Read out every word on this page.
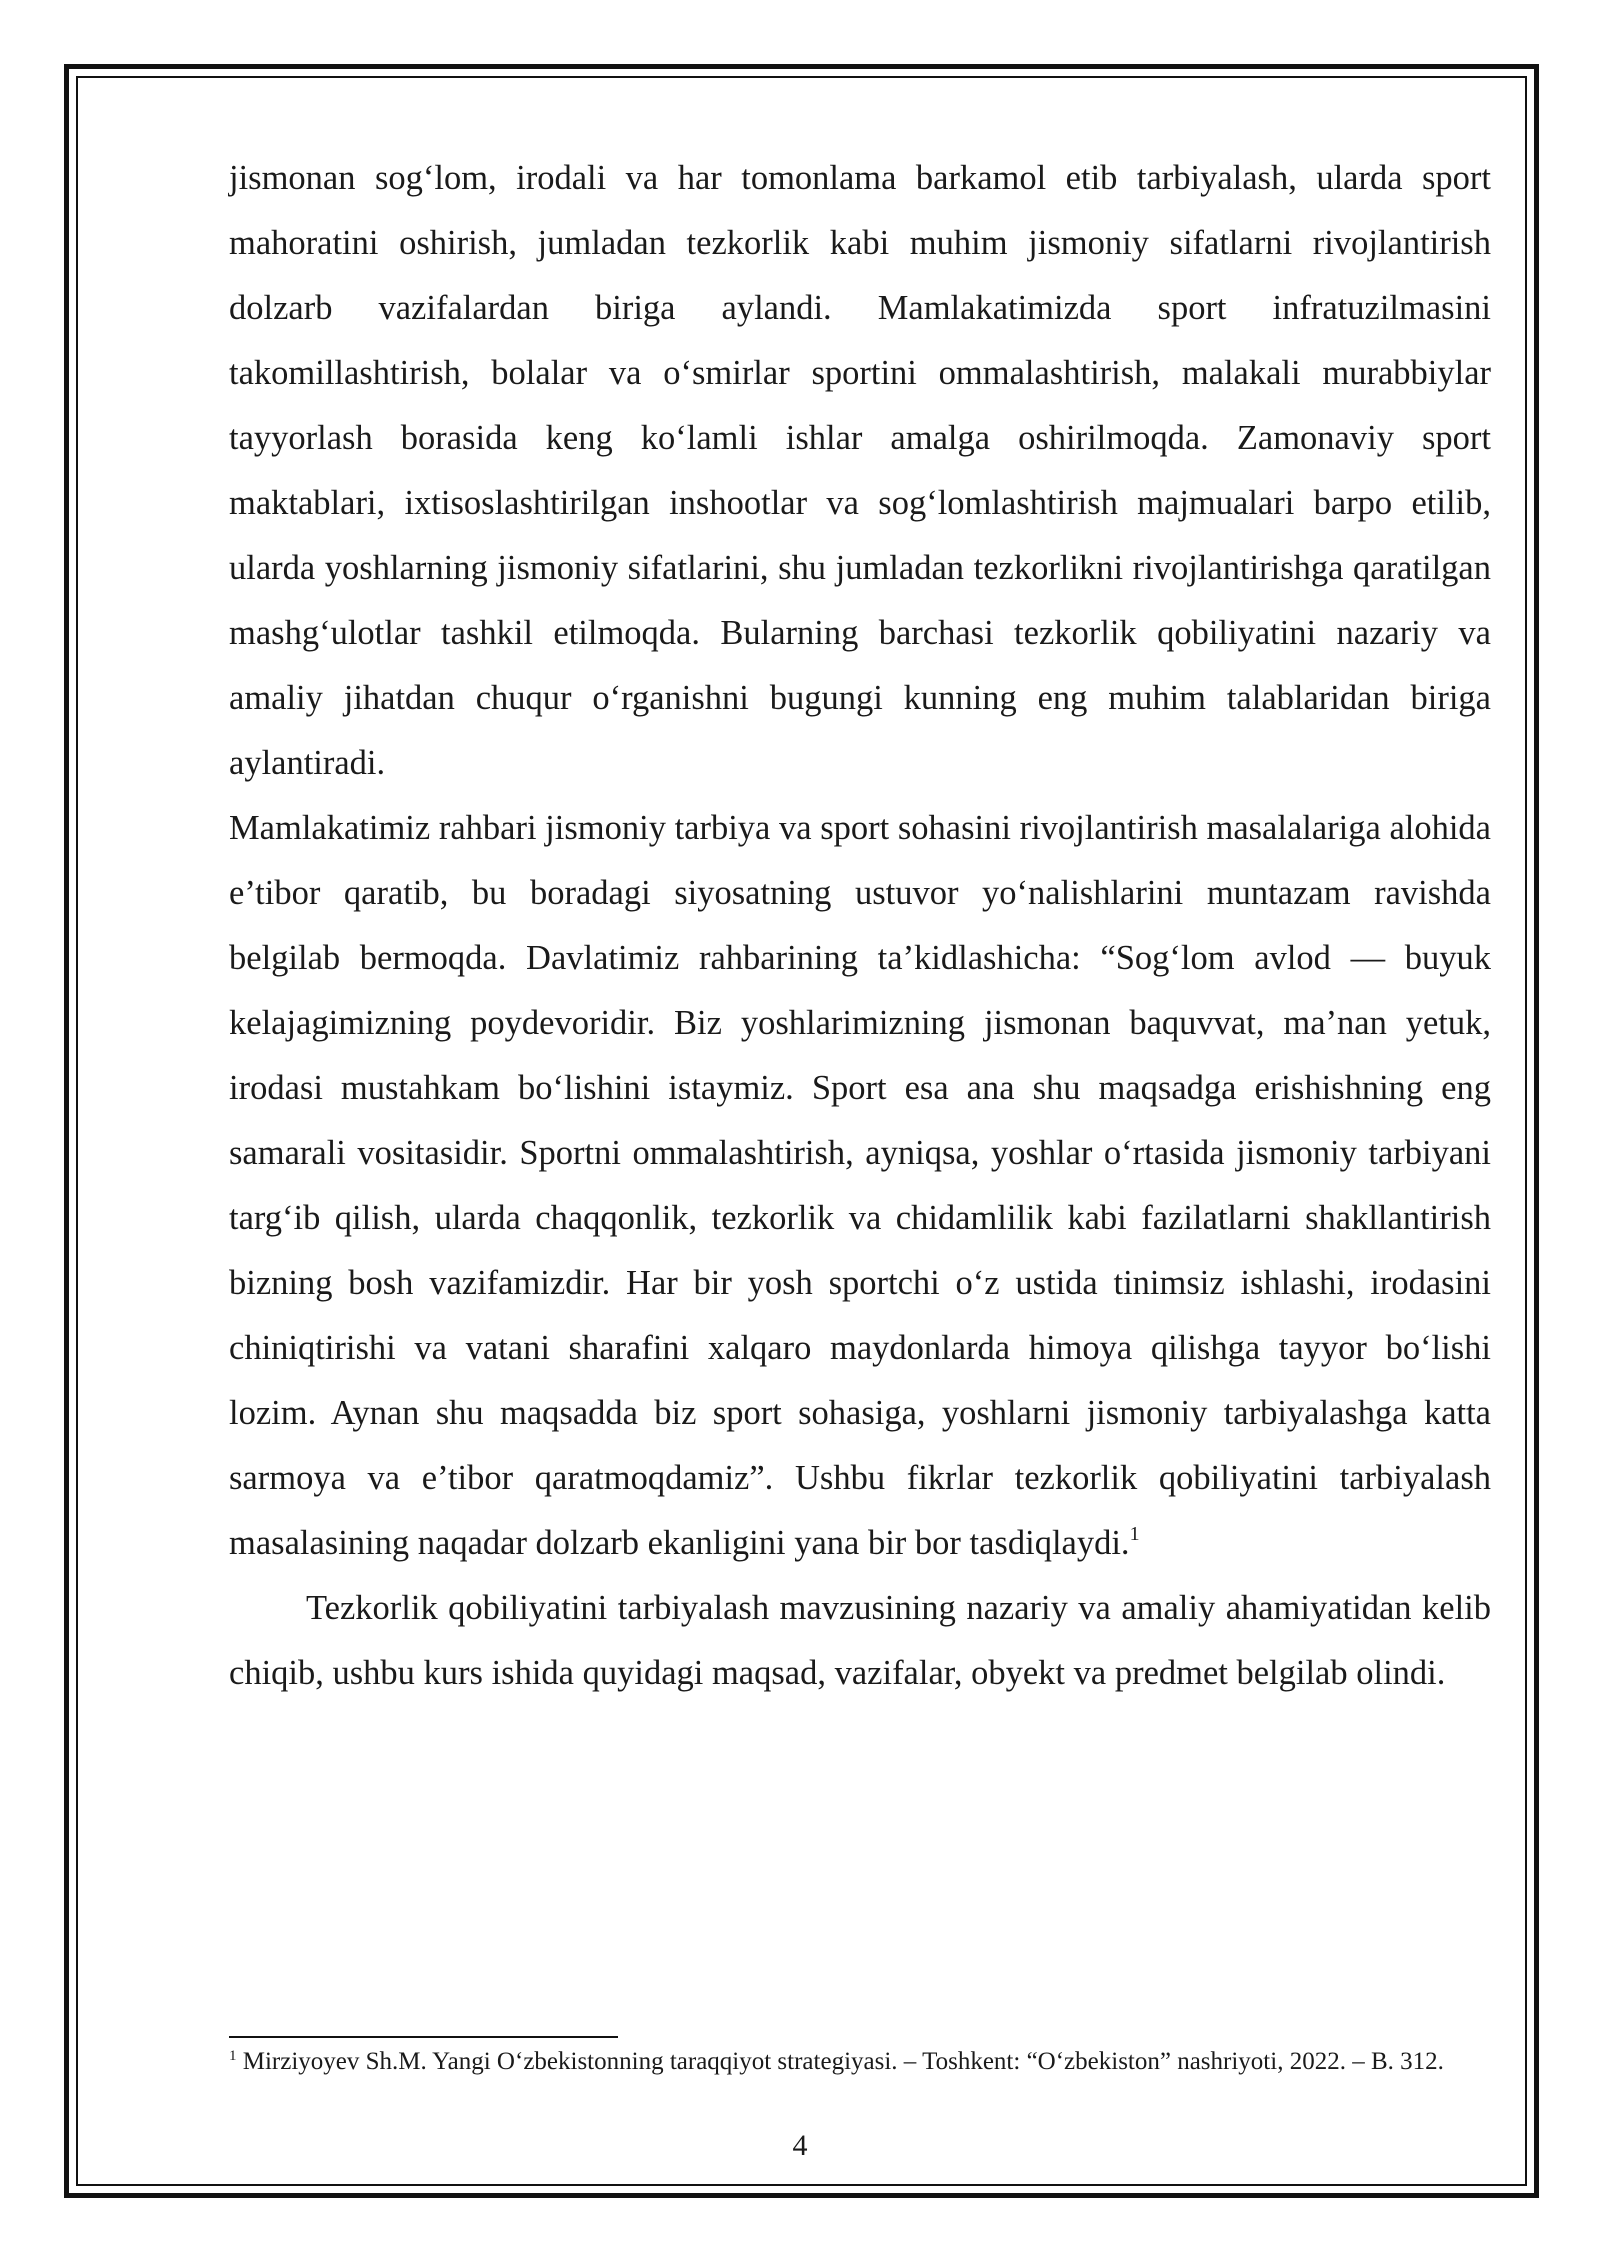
jismonan sog‘lom, irodali va har tomonlama barkamol etib tarbiyalash, ularda sport mahoratini oshirish, jumladan tezkorlik kabi muhim jismoniy sifatlarni rivojlantirish dolzarb vazifalardan biriga aylandi. Mamlakatimizda sport infratuzilmasini takomillashtirish, bolalar va o‘smirlar sportini ommalashtirish, malakali murabbiylar tayyorlash borasida keng ko‘lamli ishlar amalga oshirilmoqda. Zamonaviy sport maktablari, ixtisoslashtirilgan inshootlar va sog‘lomlashtirish majmualari barpo etilib, ularda yoshlarning jismoniy sifatlarini, shu jumladan tezkorlikni rivojlantirishga qaratilgan mashg‘ulotlar tashkil etilmoqda. Bularning barchasi tezkorlik qobiliyatini nazariy va amaliy jihatdan chuqur o‘rganishni bugungi kunning eng muhim talablaridan biriga aylantiradi.

Mamlakatimiz rahbari jismoniy tarbiya va sport sohasini rivojlantirish masalalariga alohida e’tibor qaratib, bu boradagi siyosatning ustuvor yo‘nalishlarini muntazam ravishda belgilab bermoqda. Davlatimiz rahbarining ta’kidlashicha: “Sog‘lom avlod — buyuk kelajagimizning poydevoridir. Biz yoshlarimizning jismonan baquvvat, ma’nan yetuk, irodasi mustahkam bo‘lishini istaymiz. Sport esa ana shu maqsadga erishishning eng samarali vositasidir. Sportni ommalashtirish, ayniqsa, yoshlar o‘rtasida jismoniy tarbiyani targ‘ib qilish, ularda chaqqonlik, tezkorlik va chidamlilik kabi fazilatlarni shakllantirish bizning bosh vazifamizdir. Har bir yosh sportchi o‘z ustida tinimsiz ishlashi, irodasini chiniqtirishi va vatani sharafini xalqaro maydonlarda himoya qilishga tayyor bo‘lishi lozim. Aynan shu maqsadda biz sport sohasiga, yoshlarni jismoniy tarbiyalashga katta sarmoya va e’tibor qaratmoqdamiz”. Ushbu fikrlar tezkorlik qobiliyatini tarbiyalash masalasining naqadar dolzarb ekanligini yana bir bor tasdiqlaydi.$^1$

Tezkorlik qobiliyatini tarbiyalash mavzusining nazariy va amaliy ahamiyatidan kelib chiqib, ushbu kurs ishida quyidagi maqsad, vazifalar, obyekt va predmet belgilab olindi.

$^1$ Mirziyoyev Sh.M. Yangi O‘zbekistonning taraqqiyot strategiyasi. – Toshkent: “O‘zbekiston” nashriyoti, 2022. – B. 312.

4
